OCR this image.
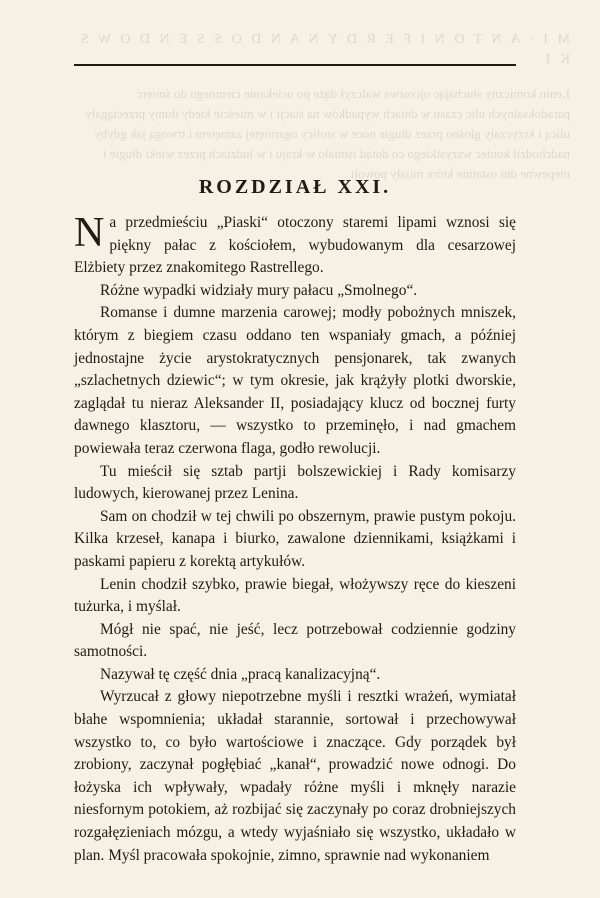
M I · A N T O N I F E R D Y N A N D O S S E N D O W S K I
Lenin komiczny słuchając ojcostwa walczył dąże po uciekanie ciemnego do śmierć paradoksalnych ulic czasu w dniach wypadków na stacji i w mieście kiedy tłumy przeciągały ulicą i krzyczały głośno przez długie noce w stolicy ogarniętej zamętem i trwogą jak gdyby nadchodził koniec wszystkiego co dotąd istniało w kraju i w ludziach przez wieki długie i niepewne dni ostatnie które mijały powoli
ROZDZIAŁ XXI.

Na przedmieściu „Piaski“ otoczony staremi lipami wznosi się piękny pałac z kościołem, wybudowanym dla cesarzowej Elżbiety przez znakomitego Rastrellego.

Różne wypadki widziały mury pałacu „Smolnego“.

Romanse i dumne marzenia carowej; modły pobożnych mniszek, którym z biegiem czasu oddano ten wspaniały gmach, a później jednostajne życie arystokratycznych pensjonarek, tak zwanych „szlachetnych dziewic“; w tym okresie, jak krążyły plotki dworskie, zaglądał tu nieraz Aleksander II, posiadający klucz od bocznej furty dawnego klasztoru, — wszystko to przeminęło, i nad gmachem powiewała teraz czerwona flaga, godło rewolucji.

Tu mieścił się sztab partji bolszewickiej i Rady komisarzy ludowych, kierowanej przez Lenina.

Sam on chodził w tej chwili po obszernym, prawie pustym pokoju. Kilka krzeseł, kanapa i biurko, zawalone dziennikami, książkami i paskami papieru z korektą artykułów.

Lenin chodził szybko, prawie biegał, włożywszy ręce do kieszeni tużurka, i myślał.

Mógł nie spać, nie jeść, lecz potrzebował codziennie godziny samotności.

Nazywał tę część dnia „pracą kanalizacyjną“.

Wyrzucał z głowy niepotrzebne myśli i resztki wrażeń, wymiatał błahe wspomnienia; układał starannie, sortował i przechowywał wszystko to, co było wartościowe i znaczące. Gdy porządek był zrobiony, zaczynał pogłębiać „kanał“, prowadzić nowe odnogi. Do łożyska ich wpływały, wpadały różne myśli i mknęły narazie niesfornym potokiem, aż rozbijać się zaczynały po coraz drobniejszych rozgałęzieniach mózgu, a wtedy wyjaśniało się wszystko, układało w plan. Myśl pracowała spokojnie, zimno, sprawnie nad wykonaniem
